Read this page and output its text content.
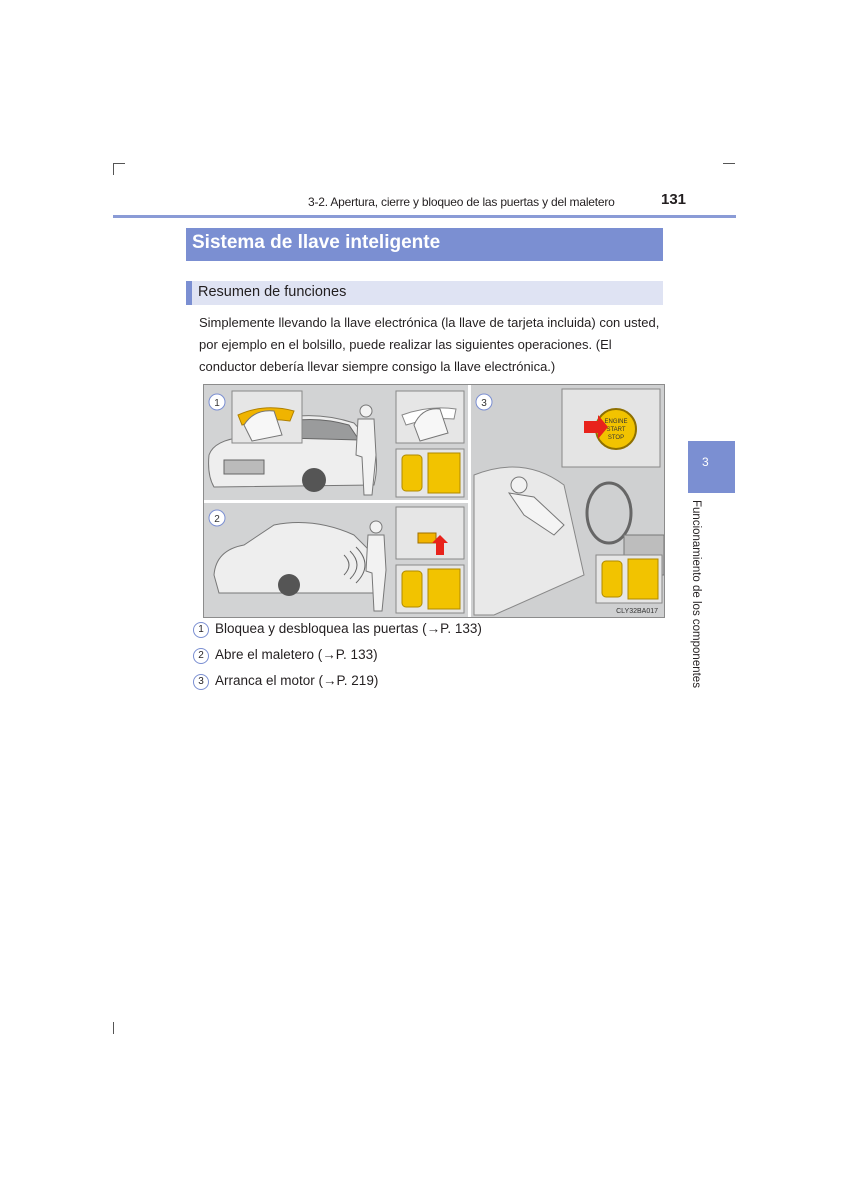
3-2. Apertura, cierre y bloqueo de las puertas y del maletero	131
Sistema de llave inteligente
Resumen de funciones
Simplemente llevando la llave electrónica (la llave de tarjeta incluida) con usted, por ejemplo en el bolsillo, puede realizar las siguientes operaciones. (El conductor debería llevar siempre consigo la llave electrónica.)
3
Funcionamiento de los componentes
ENGINE
START
STOP
1
2
3
CLY32BA017
1 Bloquea y desbloquea las puertas (→P. 133)
2 Abre el maletero (→P. 133)
3 Arranca el motor (→P. 219)
